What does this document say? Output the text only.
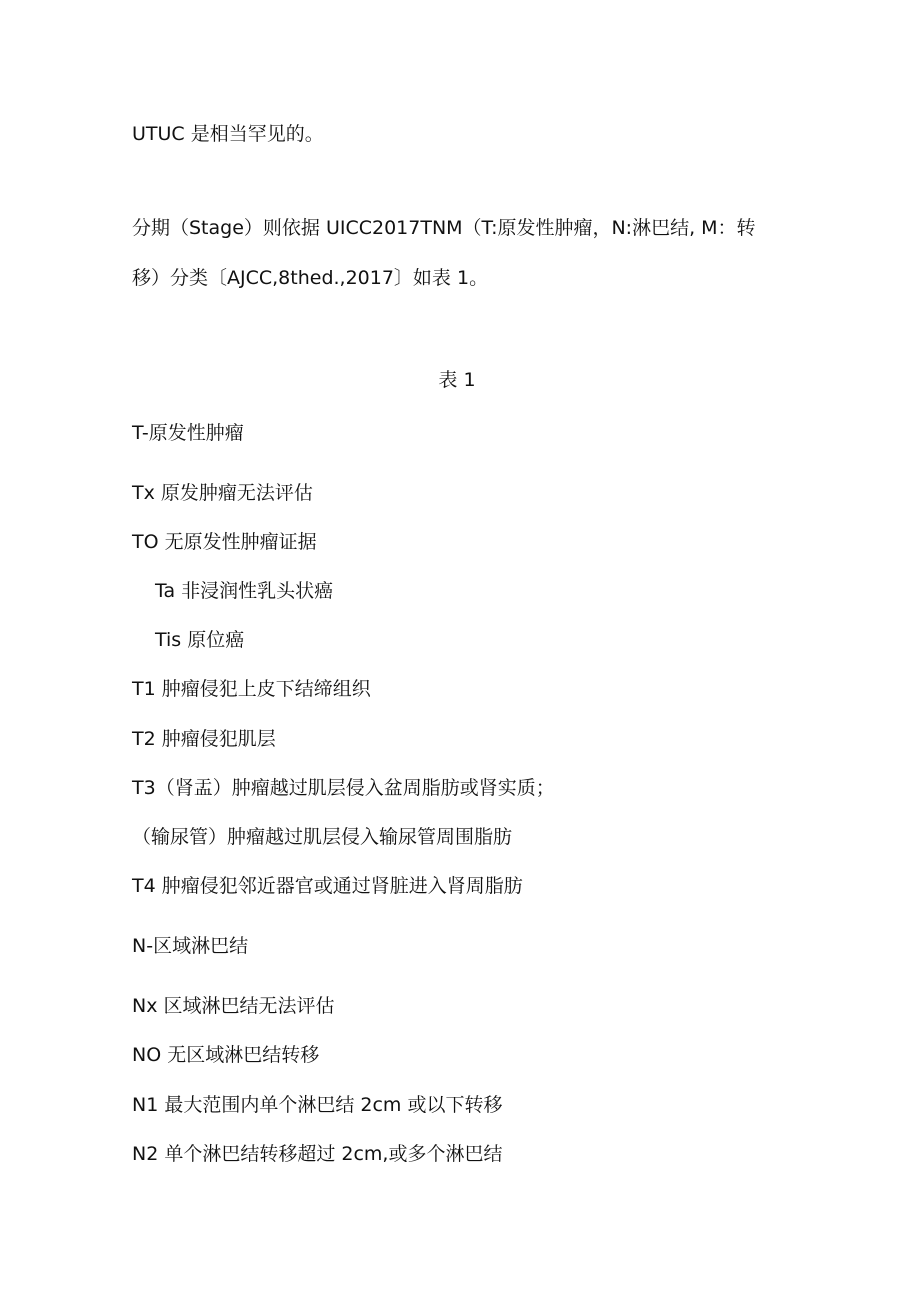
UTUC 是相当罕见的。
分期（Stage）则依据 UICC2017TNM（T:原发性肿瘤，N:淋巴结, M：转
移）分类〔AJCC,8thed.,2017〕如表 1。
表 1
T-原发性肿瘤
Tx 原发肿瘤无法评估
TO 无原发性肿瘤证据
Ta 非浸润性乳头状癌
Tis 原位癌
T1 肿瘤侵犯上皮下结缔组织
T2 肿瘤侵犯肌层
T3（肾盂）肿瘤越过肌层侵入盆周脂肪或肾实质；
（输尿管）肿瘤越过肌层侵入输尿管周围脂肪
T4 肿瘤侵犯邻近器官或通过肾脏进入肾周脂肪
N-区域淋巴结
Nx 区域淋巴结无法评估
NO 无区域淋巴结转移
N1 最大范围内单个淋巴结 2cm 或以下转移
N2 单个淋巴结转移超过 2cm,或多个淋巴结
